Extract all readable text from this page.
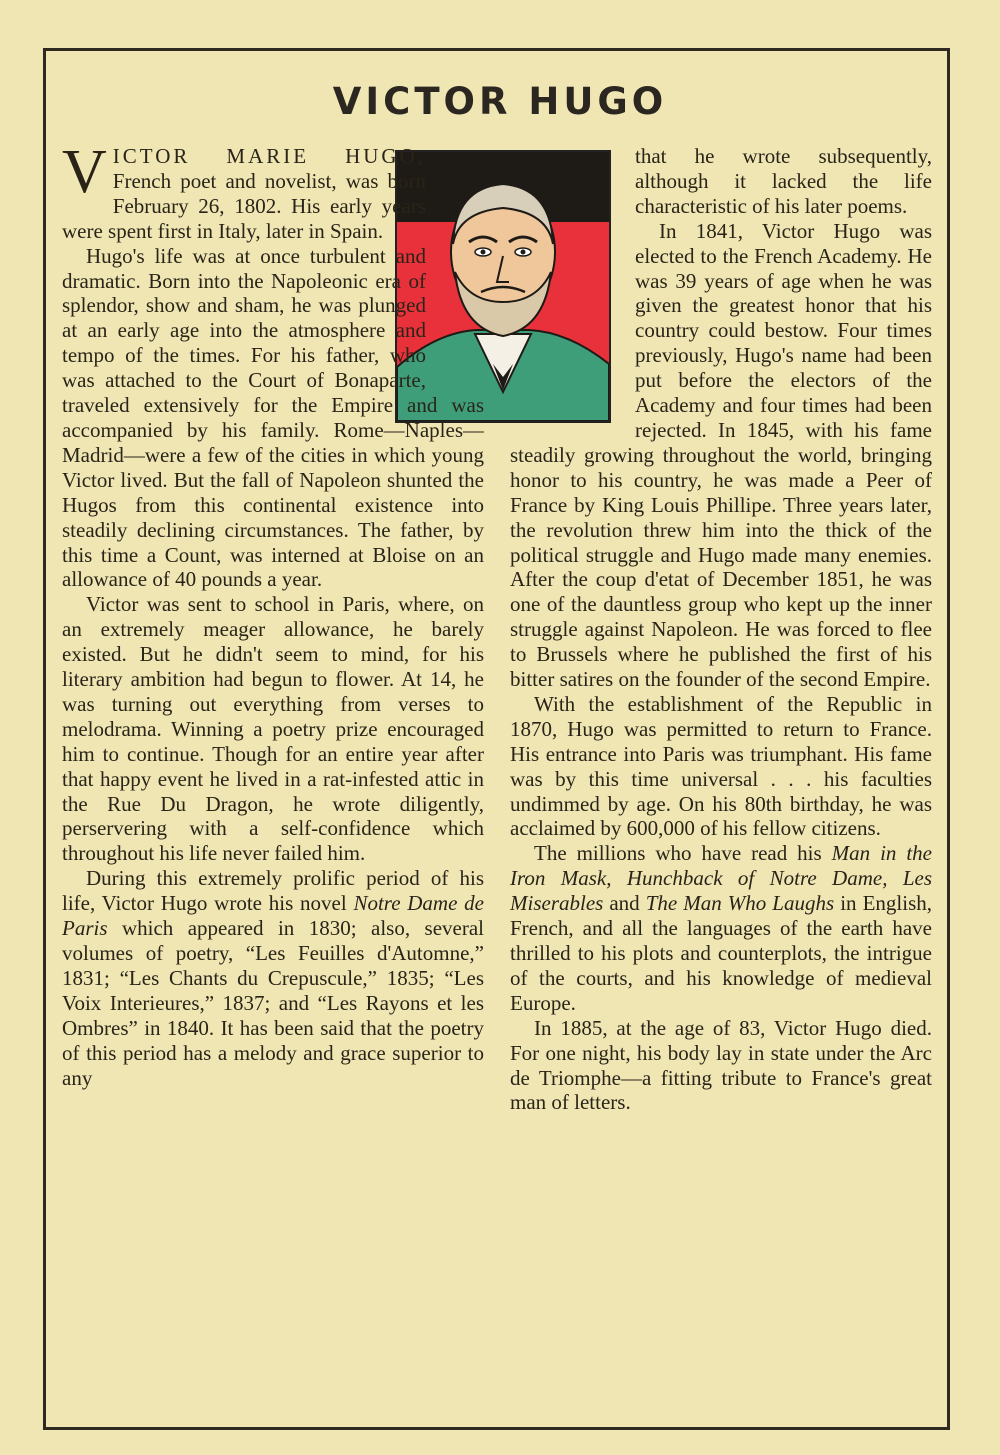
VICTOR HUGO

VICTOR MARIE HUGO, French poet and novelist, was born February 26, 1802. His early years were spent first in Italy, later in Spain.

Hugo's life was at once turbulent and dramatic. Born into the Napoleonic era of splendor, show and sham, he was plunged at an early age into the atmosphere and tempo of the times. For his father, who was attached to the Court of Bonaparte, traveled extensively for the Empire and was accompanied by his family. Rome—Naples—Madrid—were a few of the cities in which young Victor lived. But the fall of Napoleon shunted the Hugos from this continental existence into steadily declining circumstances. The father, by this time a Count, was interned at Bloise on an allowance of 40 pounds a year.

Victor was sent to school in Paris, where, on an extremely meager allowance, he barely existed. But he didn't seem to mind, for his literary ambition had begun to flower. At 14, he was turning out everything from verses to melodrama. Winning a poetry prize encouraged him to continue. Though for an entire year after that happy event he lived in a rat-infested attic in the Rue Du Dragon, he wrote diligently, perservering with a self-confidence which throughout his life never failed him.

During this extremely prolific period of his life, Victor Hugo wrote his novel Notre Dame de Paris which appeared in 1830; also, several volumes of poetry, “Les Feuilles d'Automne,” 1831; “Les Chants du Crepuscule,” 1835; “Les Voix Interieures,” 1837; and “Les Rayons et les Ombres” in 1840. It has been said that the poetry of this period has a melody and grace superior to any

that he wrote subsequently, although it lacked the life characteristic of his later poems.

In 1841, Victor Hugo was elected to the French Academy. He was 39 years of age when he was given the greatest honor that his country could bestow. Four times previously, Hugo's name had been put before the electors of the Academy and four times had been rejected. In 1845, with his fame steadily growing throughout the world, bringing honor to his country, he was made a Peer of France by King Louis Phillipe. Three years later, the revolution threw him into the thick of the political struggle and Hugo made many enemies. After the coup d'etat of December 1851, he was one of the dauntless group who kept up the inner struggle against Napoleon. He was forced to flee to Brussels where he published the first of his bitter satires on the founder of the second Empire.

With the establishment of the Republic in 1870, Hugo was permitted to return to France. His entrance into Paris was triumphant. His fame was by this time universal . . . his faculties undimmed by age. On his 80th birthday, he was acclaimed by 600,000 of his fellow citizens.

The millions who have read his Man in the Iron Mask, Hunchback of Notre Dame, Les Miserables and The Man Who Laughs in English, French, and all the languages of the earth have thrilled to his plots and counterplots, the intrigue of the courts, and his knowledge of medieval Europe.

In 1885, at the age of 83, Victor Hugo died. For one night, his body lay in state under the Arc de Triomphe—a fitting tribute to France's great man of letters.
